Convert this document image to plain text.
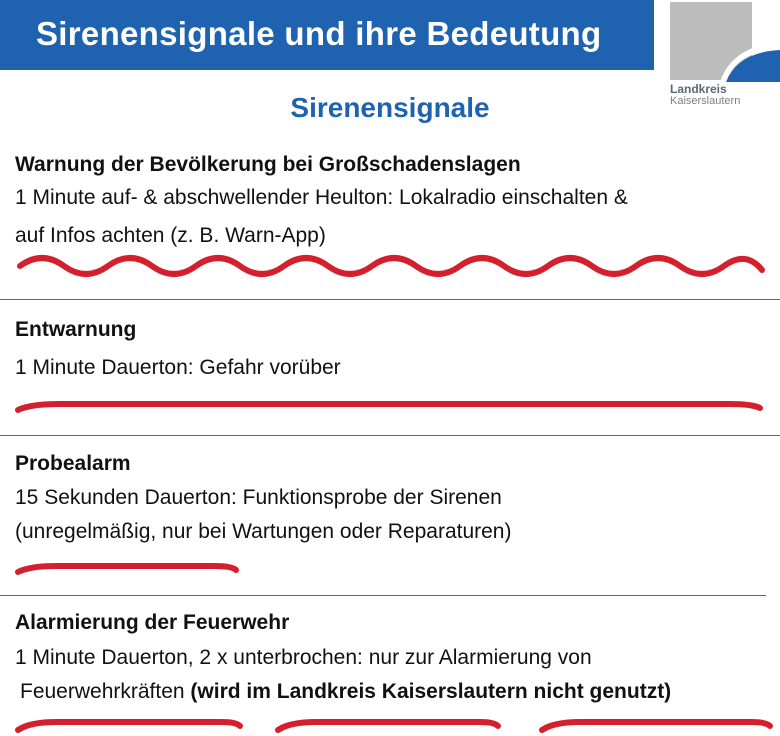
Sirenensignale und ihre Bedeutung
Landkreis
Kaiserslautern
Sirenensignale
Warnung der Bevölkerung bei Großschadenslagen
1 Minute auf- & abschwellender Heulton: Lokalradio einschalten &
auf Infos achten (z. B. Warn-App)
Entwarnung
1 Minute Dauerton: Gefahr vorüber
Probealarm
15 Sekunden Dauerton: Funktionsprobe der Sirenen
(unregelmäßig, nur bei Wartungen oder Reparaturen)
Alarmierung der Feuerwehr
1 Minute Dauerton, 2 x unterbrochen: nur zur Alarmierung von
Feuerwehrkräften (wird im Landkreis Kaiserslautern nicht genutzt)
